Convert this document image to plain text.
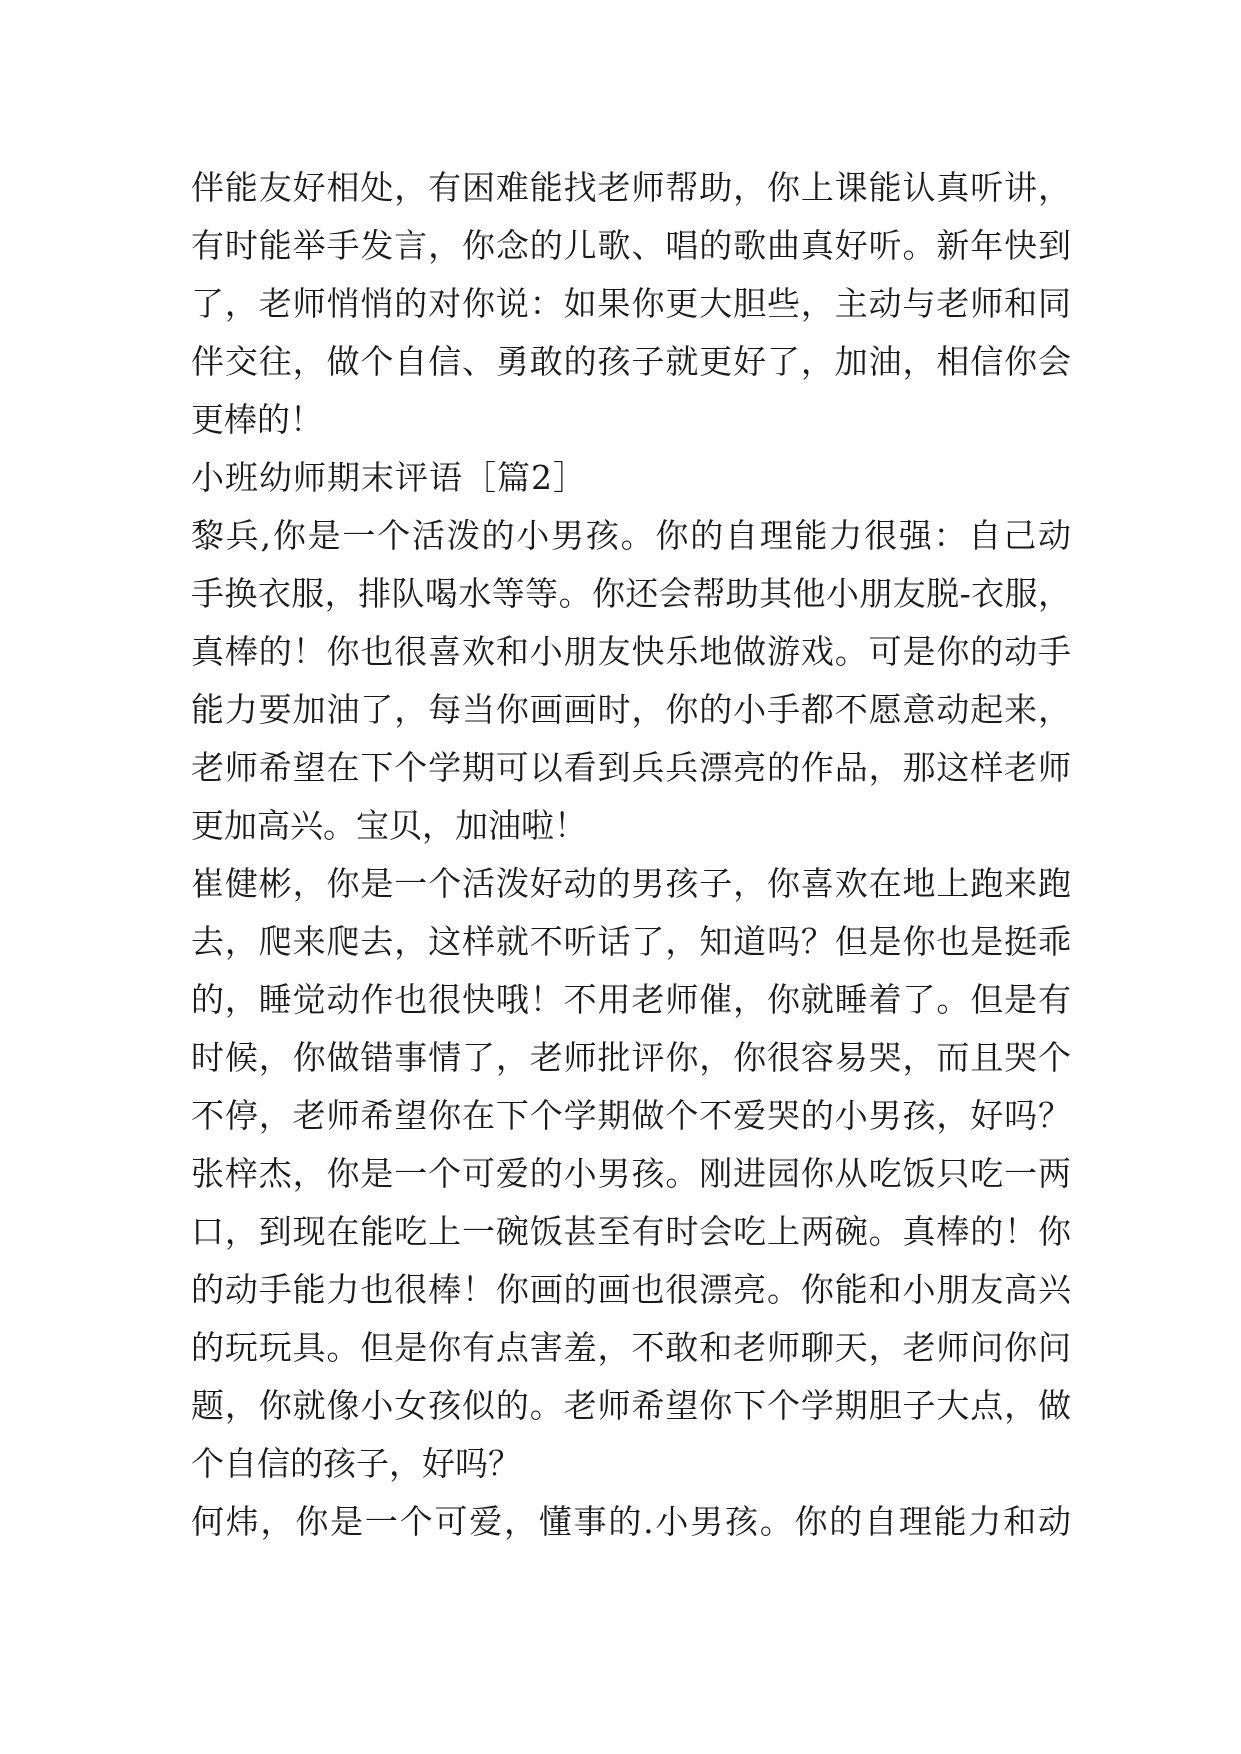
伴能友好相处，有困难能找老师帮助，你上课能认真听讲，
有时能举手发言，你念的儿歌、唱的歌曲真好听。新年快到
了，老师悄悄的对你说：如果你更大胆些，主动与老师和同
伴交往，做个自信、勇敢的孩子就更好了，加油，相信你会
更棒的！
小班幼师期末评语［篇2］
黎兵,你是一个活泼的小男孩。你的自理能力很强：自己动
手换衣服，排队喝水等等。你还会帮助其他小朋友脱-衣服，
真棒的！你也很喜欢和小朋友快乐地做游戏。可是你的动手
能力要加油了，每当你画画时，你的小手都不愿意动起来，
老师希望在下个学期可以看到兵兵漂亮的作品，那这样老师
更加高兴。宝贝，加油啦！
崔健彬，你是一个活泼好动的男孩子，你喜欢在地上跑来跑
去，爬来爬去，这样就不听话了，知道吗？但是你也是挺乖
的，睡觉动作也很快哦！不用老师催，你就睡着了。但是有
时候，你做错事情了，老师批评你，你很容易哭，而且哭个
不停，老师希望你在下个学期做个不爱哭的小男孩，好吗？
张梓杰，你是一个可爱的小男孩。刚进园你从吃饭只吃一两
口，到现在能吃上一碗饭甚至有时会吃上两碗。真棒的！你
的动手能力也很棒！你画的画也很漂亮。你能和小朋友高兴
的玩玩具。但是你有点害羞，不敢和老师聊天，老师问你问
题，你就像小女孩似的。老师希望你下个学期胆子大点，做
个自信的孩子，好吗？
何炜，你是一个可爱，懂事的.小男孩。你的自理能力和动
